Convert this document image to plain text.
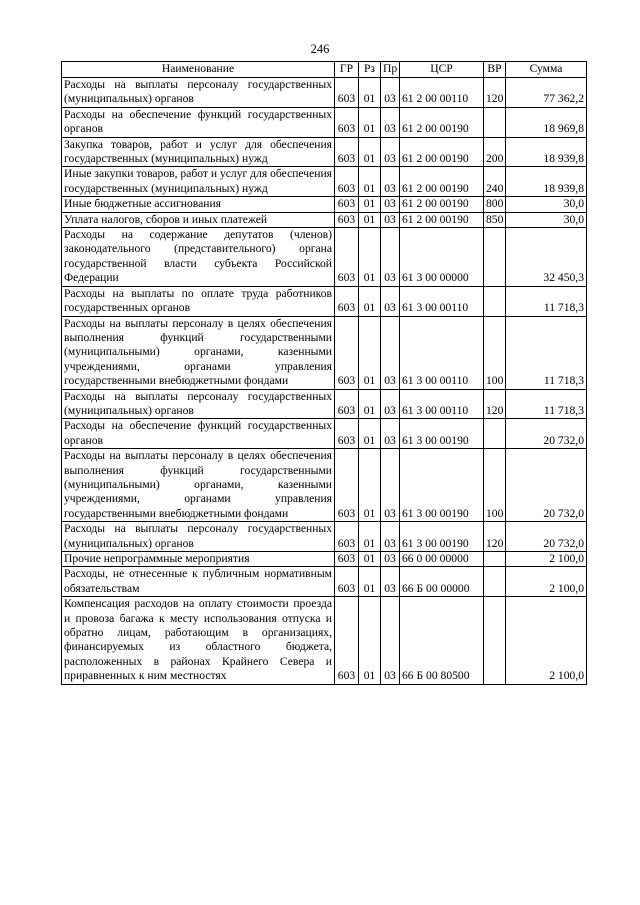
246
Наименование	ГР	Рз	Пр	ЦСР	ВР	Сумма
Расходы на выплаты персоналу государственных (муниципальных) органов	603	01	03	61 2 00 00110	120	77 362,2
Расходы на обеспечение функций государственных органов	603	01	03	61 2 00 00190		18 969,8
Закупка товаров, работ и услуг для обеспечения государственных (муниципальных) нужд	603	01	03	61 2 00 00190	200	18 939,8
Иные закупки товаров, работ и услуг для обеспечения государственных (муниципальных) нужд	603	01	03	61 2 00 00190	240	18 939,8
Иные бюджетные ассигнования	603	01	03	61 2 00 00190	800	30,0
Уплата налогов, сборов и иных платежей	603	01	03	61 2 00 00190	850	30,0
Расходы на содержание депутатов (членов) законодательного (представительного) органа государственной власти субъекта Российской Федерации	603	01	03	61 3 00 00000		32 450,3
Расходы на выплаты по оплате труда работников государственных органов	603	01	03	61 3 00 00110		11 718,3
Расходы на выплаты персоналу в целях обеспечения выполнения функций государственными (муниципальными) органами, казенными учреждениями, органами управления государственными внебюджетными фондами	603	01	03	61 3 00 00110	100	11 718,3
Расходы на выплаты персоналу государственных (муниципальных) органов	603	01	03	61 3 00 00110	120	11 718,3
Расходы на обеспечение функций государственных органов	603	01	03	61 3 00 00190		20 732,0
Расходы на выплаты персоналу в целях обеспечения выполнения функций государственными (муниципальными) органами, казенными учреждениями, органами управления государственными внебюджетными фондами	603	01	03	61 3 00 00190	100	20 732,0
Расходы на выплаты персоналу государственных (муниципальных) органов	603	01	03	61 3 00 00190	120	20 732,0
Прочие непрограммные мероприятия	603	01	03	66 0 00 00000		2 100,0
Расходы, не отнесенные к публичным нормативным обязательствам	603	01	03	66 Б 00 00000		2 100,0
Компенсация расходов на оплату стоимости проезда и провоза багажа к месту использования отпуска и обратно лицам, работающим в организациях, финансируемых из областного бюджета, расположенных в районах Крайнего Севера и приравненных к ним местностях	603	01	03	66 Б 00 80500		2 100,0
